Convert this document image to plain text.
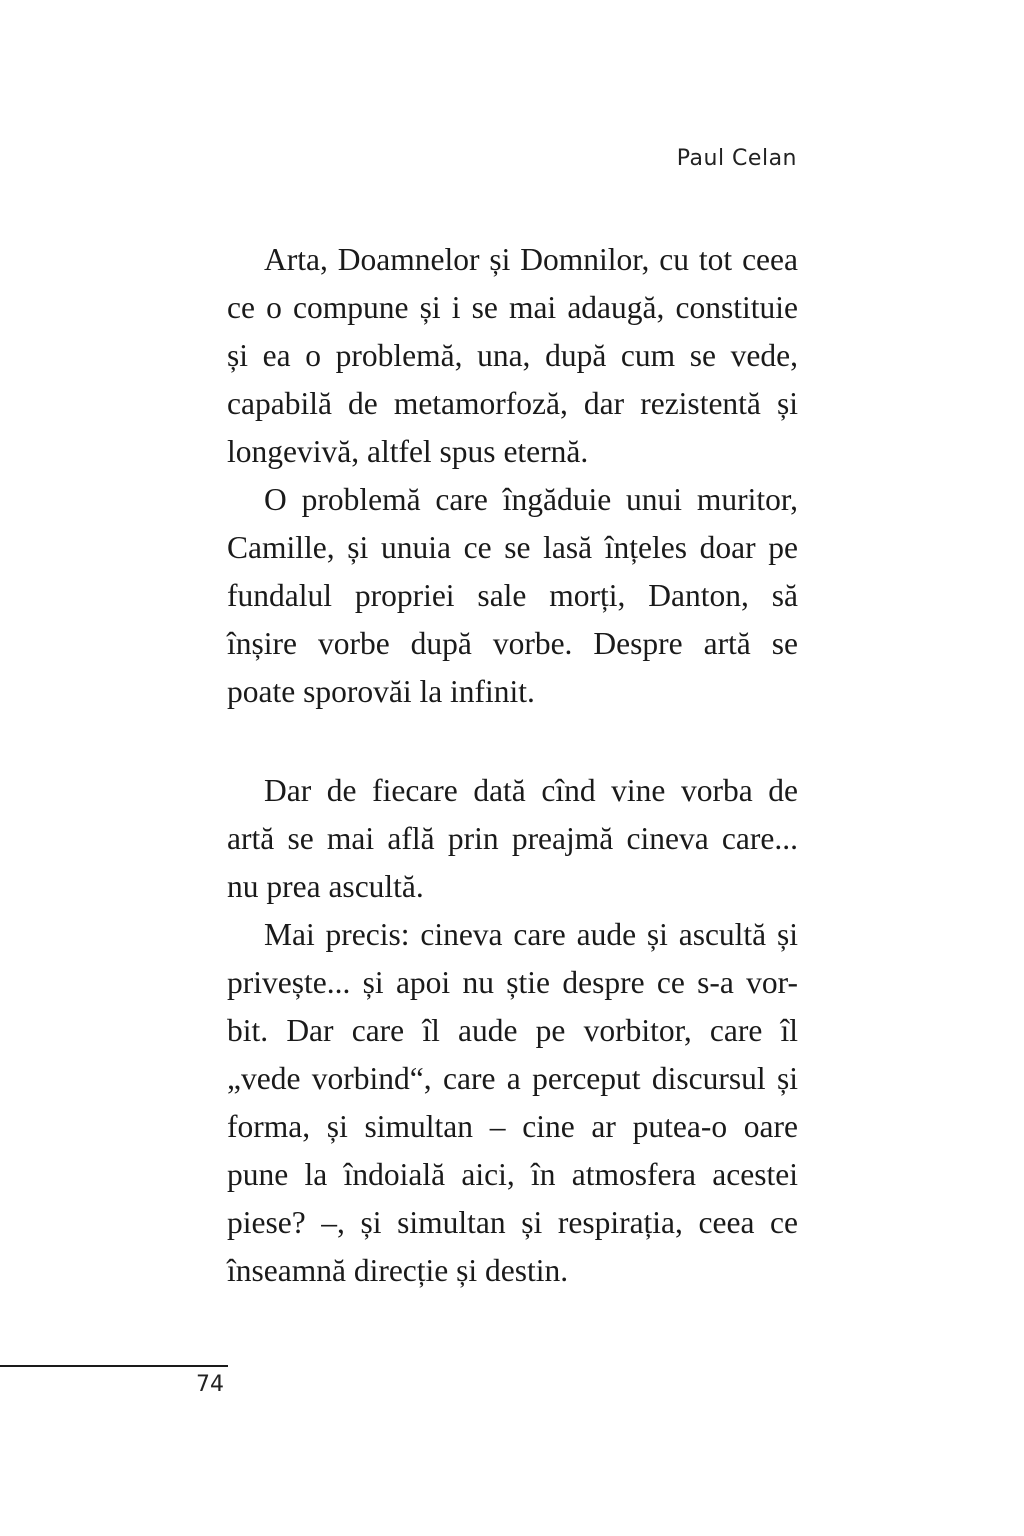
Paul Celan
Arta, Doamnelor și Domnilor, cu tot ceea
ce o compune și i se mai adaugă, constituie
și ea o problemă, una, după cum se vede,
capabilă de metamorfoză, dar rezistentă și
longevivă, altfel spus eternă.
O problemă care îngăduie unui muritor,
Camille, și unuia ce se lasă înțeles doar pe
fundalul propriei sale morți, Danton, să
înșire vorbe după vorbe. Despre artă se
poate sporovăi la infinit.
Dar de fiecare dată cînd vine vorba de
artă se mai află prin preajmă cineva care...
nu prea ascultă.
Mai precis: cineva care aude și ascultă și
privește... și apoi nu știe despre ce s-a vor-
bit. Dar care îl aude pe vorbitor, care îl
„vede vorbind“, care a perceput discursul și
forma, și simultan – cine ar putea-o oare
pune la îndoială aici, în atmosfera acestei
piese? –, și simultan și respirația, ceea ce
înseamnă direcție și destin.
74
